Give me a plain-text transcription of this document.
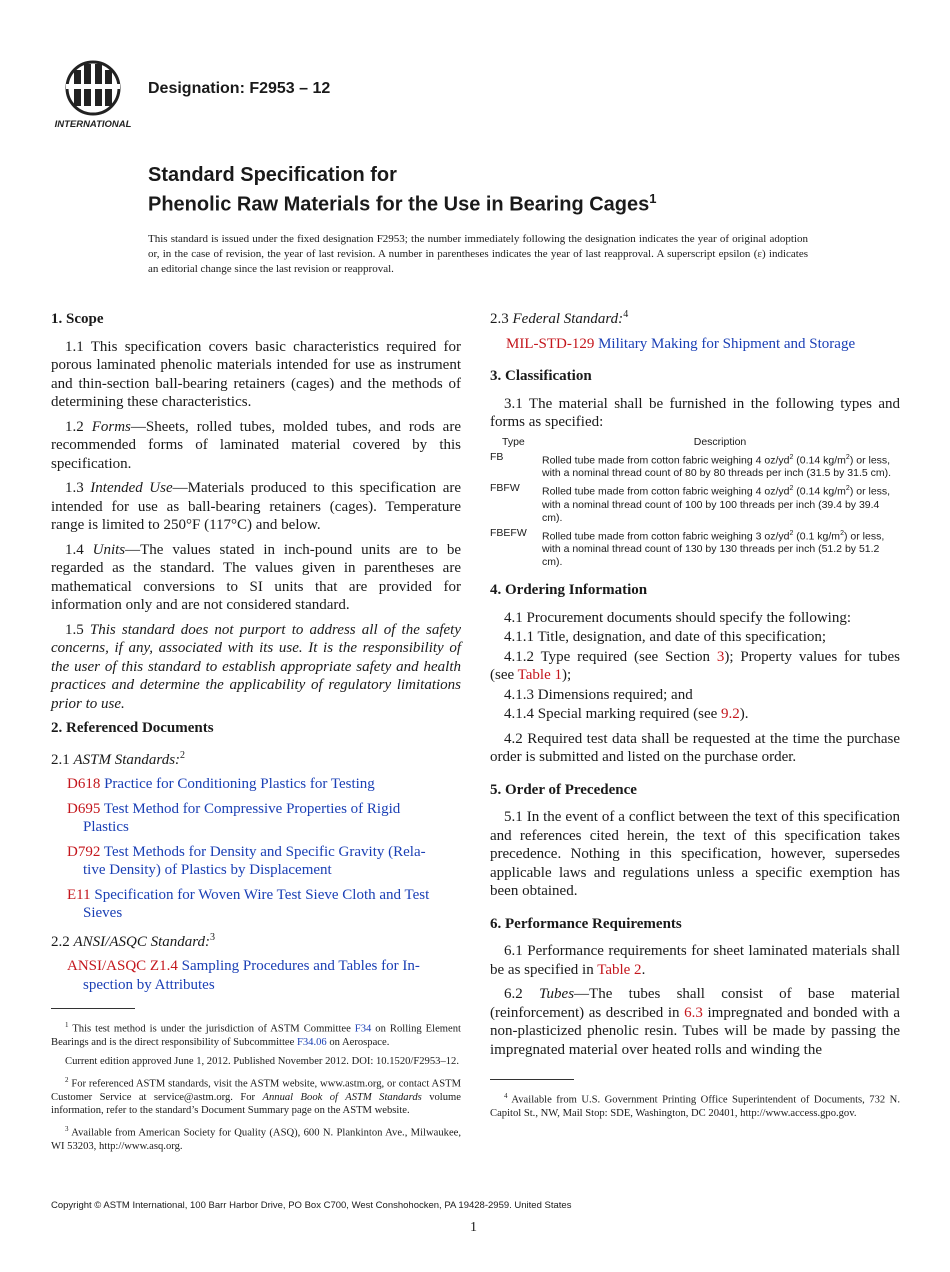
INTERNATIONAL
Designation: F2953 – 12
Standard Specification for
Phenolic Raw Materials for the Use in Bearing Cages$^1$
This standard is issued under the fixed designation F2953; the number immediately following the designation indicates the year of original adoption or, in the case of revision, the year of last revision. A number in parentheses indicates the year of last reapproval. A superscript epsilon (ε) indicates an editorial change since the last revision or reapproval.
1. Scope

1.1 This specification covers basic characteristics required for porous laminated phenolic materials intended for use as instrument and thin-section ball-bearing retainers (cages) and the methods of determining these characteristics.

1.2 Forms—Sheets, rolled tubes, molded tubes, and rods are recommended forms of laminated material covered by this specification.

1.3 Intended Use—Materials produced to this specification are intended for use as ball-bearing retainers (cages). Temperature range is limited to 250°F (117°C) and below.

1.4 Units—The values stated in inch-pound units are to be regarded as the standard. The values given in parentheses are mathematical conversions to SI units that are provided for information only and are not considered standard.

1.5 This standard does not purport to address all of the safety concerns, if any, associated with its use. It is the responsibility of the user of this standard to establish appropriate safety and health practices and determine the applicability of regulatory limitations prior to use.

2. Referenced Documents

2.1 ASTM Standards:$^2$

D618 Practice for Conditioning Plastics for Testing

D695 Test Method for Compressive Properties of Rigid
Plastics

D792 Test Methods for Density and Specific Gravity (Rela-
tive Density) of Plastics by Displacement

E11 Specification for Woven Wire Test Sieve Cloth and Test
Sieves

2.2 ANSI/ASQC Standard:$^3$

ANSI/ASQC Z1.4 Sampling Procedures and Tables for In-
spection by Attributes

$^1$ This test method is under the jurisdiction of ASTM Committee F34 on Rolling Element Bearings and is the direct responsibility of Subcommittee F34.06 on Aerospace.

Current edition approved June 1, 2012. Published November 2012. DOI: 10.1520/F2953–12.

$^2$ For referenced ASTM standards, visit the ASTM website, www.astm.org, or contact ASTM Customer Service at service@astm.org. For Annual Book of ASTM Standards volume information, refer to the standard’s Document Summary page on the ASTM website.

$^3$ Available from American Society for Quality (ASQ), 600 N. Plankinton Ave., Milwaukee, WI 53203, http://www.asq.org.

2.3 Federal Standard:$^4$

MIL-STD-129 Military Making for Shipment and Storage

3. Classification

3.1 The material shall be furnished in the following types and forms as specified:

Type	Description
FB	Rolled tube made from cotton fabric weighing 4 $oz/yd^2$ (0.14 $kg/m^2$) or less, with a nominal thread count of 80 by 80 threads per inch (31.5 by 31.5 cm).
FBFW	Rolled tube made from cotton fabric weighing 4 $oz/yd^2$ (0.14 $kg/m^2$) or less, with a nominal thread count of 100 by 100 threads per inch (39.4 by 39.4 cm).
FBEFW	Rolled tube made from cotton fabric weighing 3 $oz/yd^2$ (0.1 $kg/m^2$) or less, with a nominal thread count of 130 by 130 threads per inch (51.2 by 51.2 cm).
4. Ordering Information

4.1 Procurement documents should specify the following:

4.1.1 Title, designation, and date of this specification;

4.1.2 Type required (see Section 3); Property values for tubes (see Table 1);

4.1.3 Dimensions required; and

4.1.4 Special marking required (see 9.2).

4.2 Required test data shall be requested at the time the purchase order is submitted and listed on the purchase order.

5. Order of Precedence

5.1 In the event of a conflict between the text of this specification and references cited herein, the text of this specification takes precedence. Nothing in this specification, however, supersedes applicable laws and regulations unless a specific exemption has been obtained.

6. Performance Requirements

6.1 Performance requirements for sheet laminated materials shall be as specified in Table 2.

6.2 Tubes—The tubes shall consist of base material (reinforcement) as described in 6.3 impregnated and bonded with a non-plasticized phenolic resin. Tubes will be made by passing the impregnated material over heated rolls and winding the

$^4$ Available from U.S. Government Printing Office Superintendent of Documents, 732 N. Capitol St., NW, Mail Stop: SDE, Washington, DC 20401, http://www.access.gpo.gov.

Copyright © ASTM International, 100 Barr Harbor Drive, PO Box C700, West Conshohocken, PA 19428-2959. United States
1
